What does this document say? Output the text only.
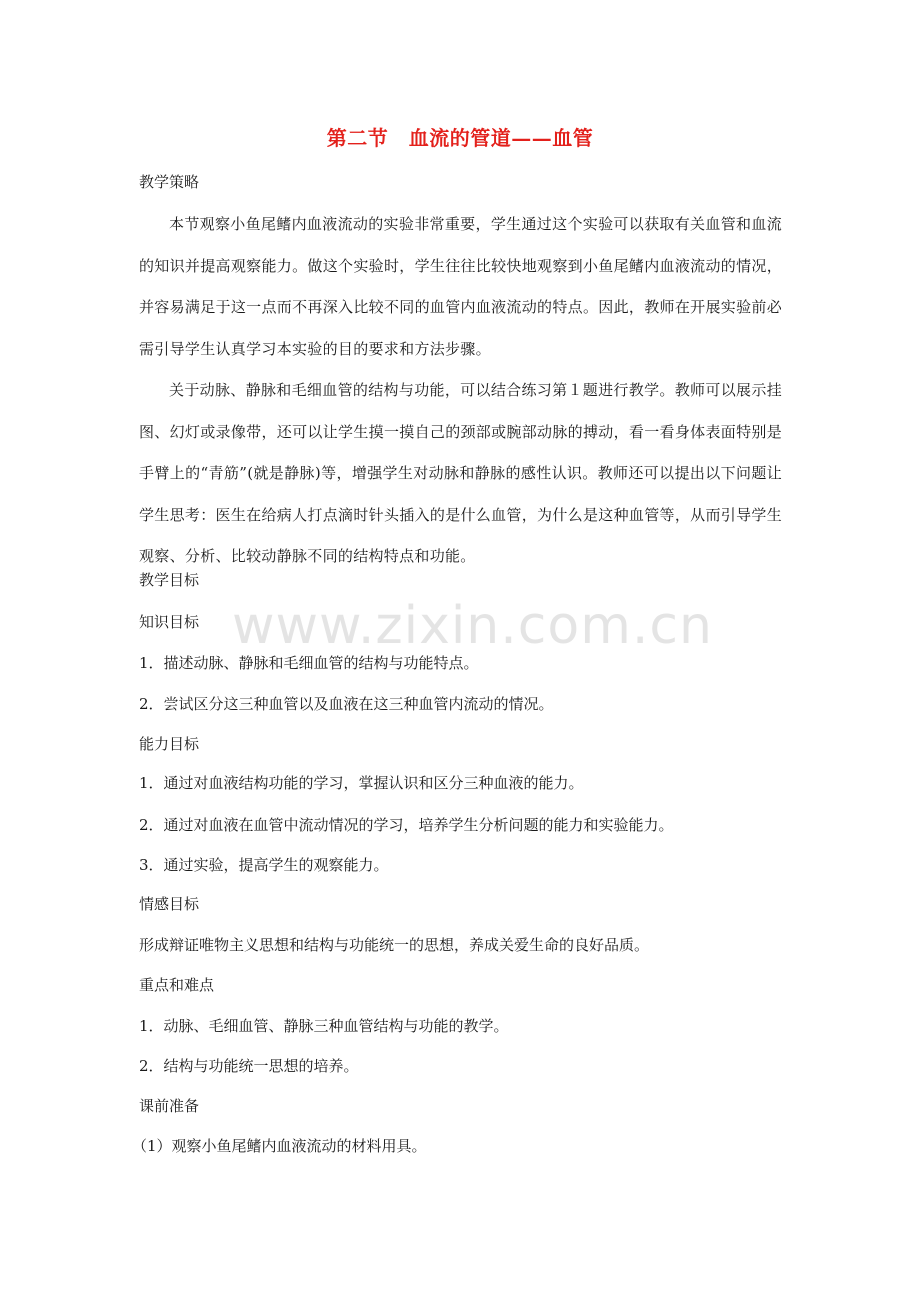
www.zixin.com.cn
第二节　血流的管道——血管
教学策略
本节观察小鱼尾鳍内血液流动的实验非常重要，学生通过这个实验可以获取有关血管和血流的知识并提高观察能力。做这个实验时，学生往往比较快地观察到小鱼尾鳍内血液流动的情况，并容易满足于这一点而不再深入比较不同的血管内血液流动的特点。因此，教师在开展实验前必需引导学生认真学习本实验的目的要求和方法步骤。
关于动脉、静脉和毛细血管的结构与功能，可以结合练习第１题进行教学。教师可以展示挂图、幻灯或录像带，还可以让学生摸一摸自己的颈部或腕部动脉的搏动，看一看身体表面特别是手臂上的“青筋”(就是静脉)等，增强学生对动脉和静脉的感性认识。教师还可以提出以下问题让学生思考：医生在给病人打点滴时针头插入的是什么血管，为什么是这种血管等，从而引导学生观察、分析、比较动静脉不同的结构特点和功能。
教学目标
知识目标
1．描述动脉、静脉和毛细血管的结构与功能特点。
2．尝试区分这三种血管以及血液在这三种血管内流动的情况。
能力目标
1．通过对血液结构功能的学习，掌握认识和区分三种血液的能力。
2．通过对血液在血管中流动情况的学习，培养学生分析问题的能力和实验能力。
3．通过实验，提高学生的观察能力。
情感目标
形成辩证唯物主义思想和结构与功能统一的思想，养成关爱生命的良好品质。
重点和难点
1．动脉、毛细血管、静脉三种血管结构与功能的教学。
2．结构与功能统一思想的培养。
课前准备
（1）观察小鱼尾鳍内血液流动的材料用具。
